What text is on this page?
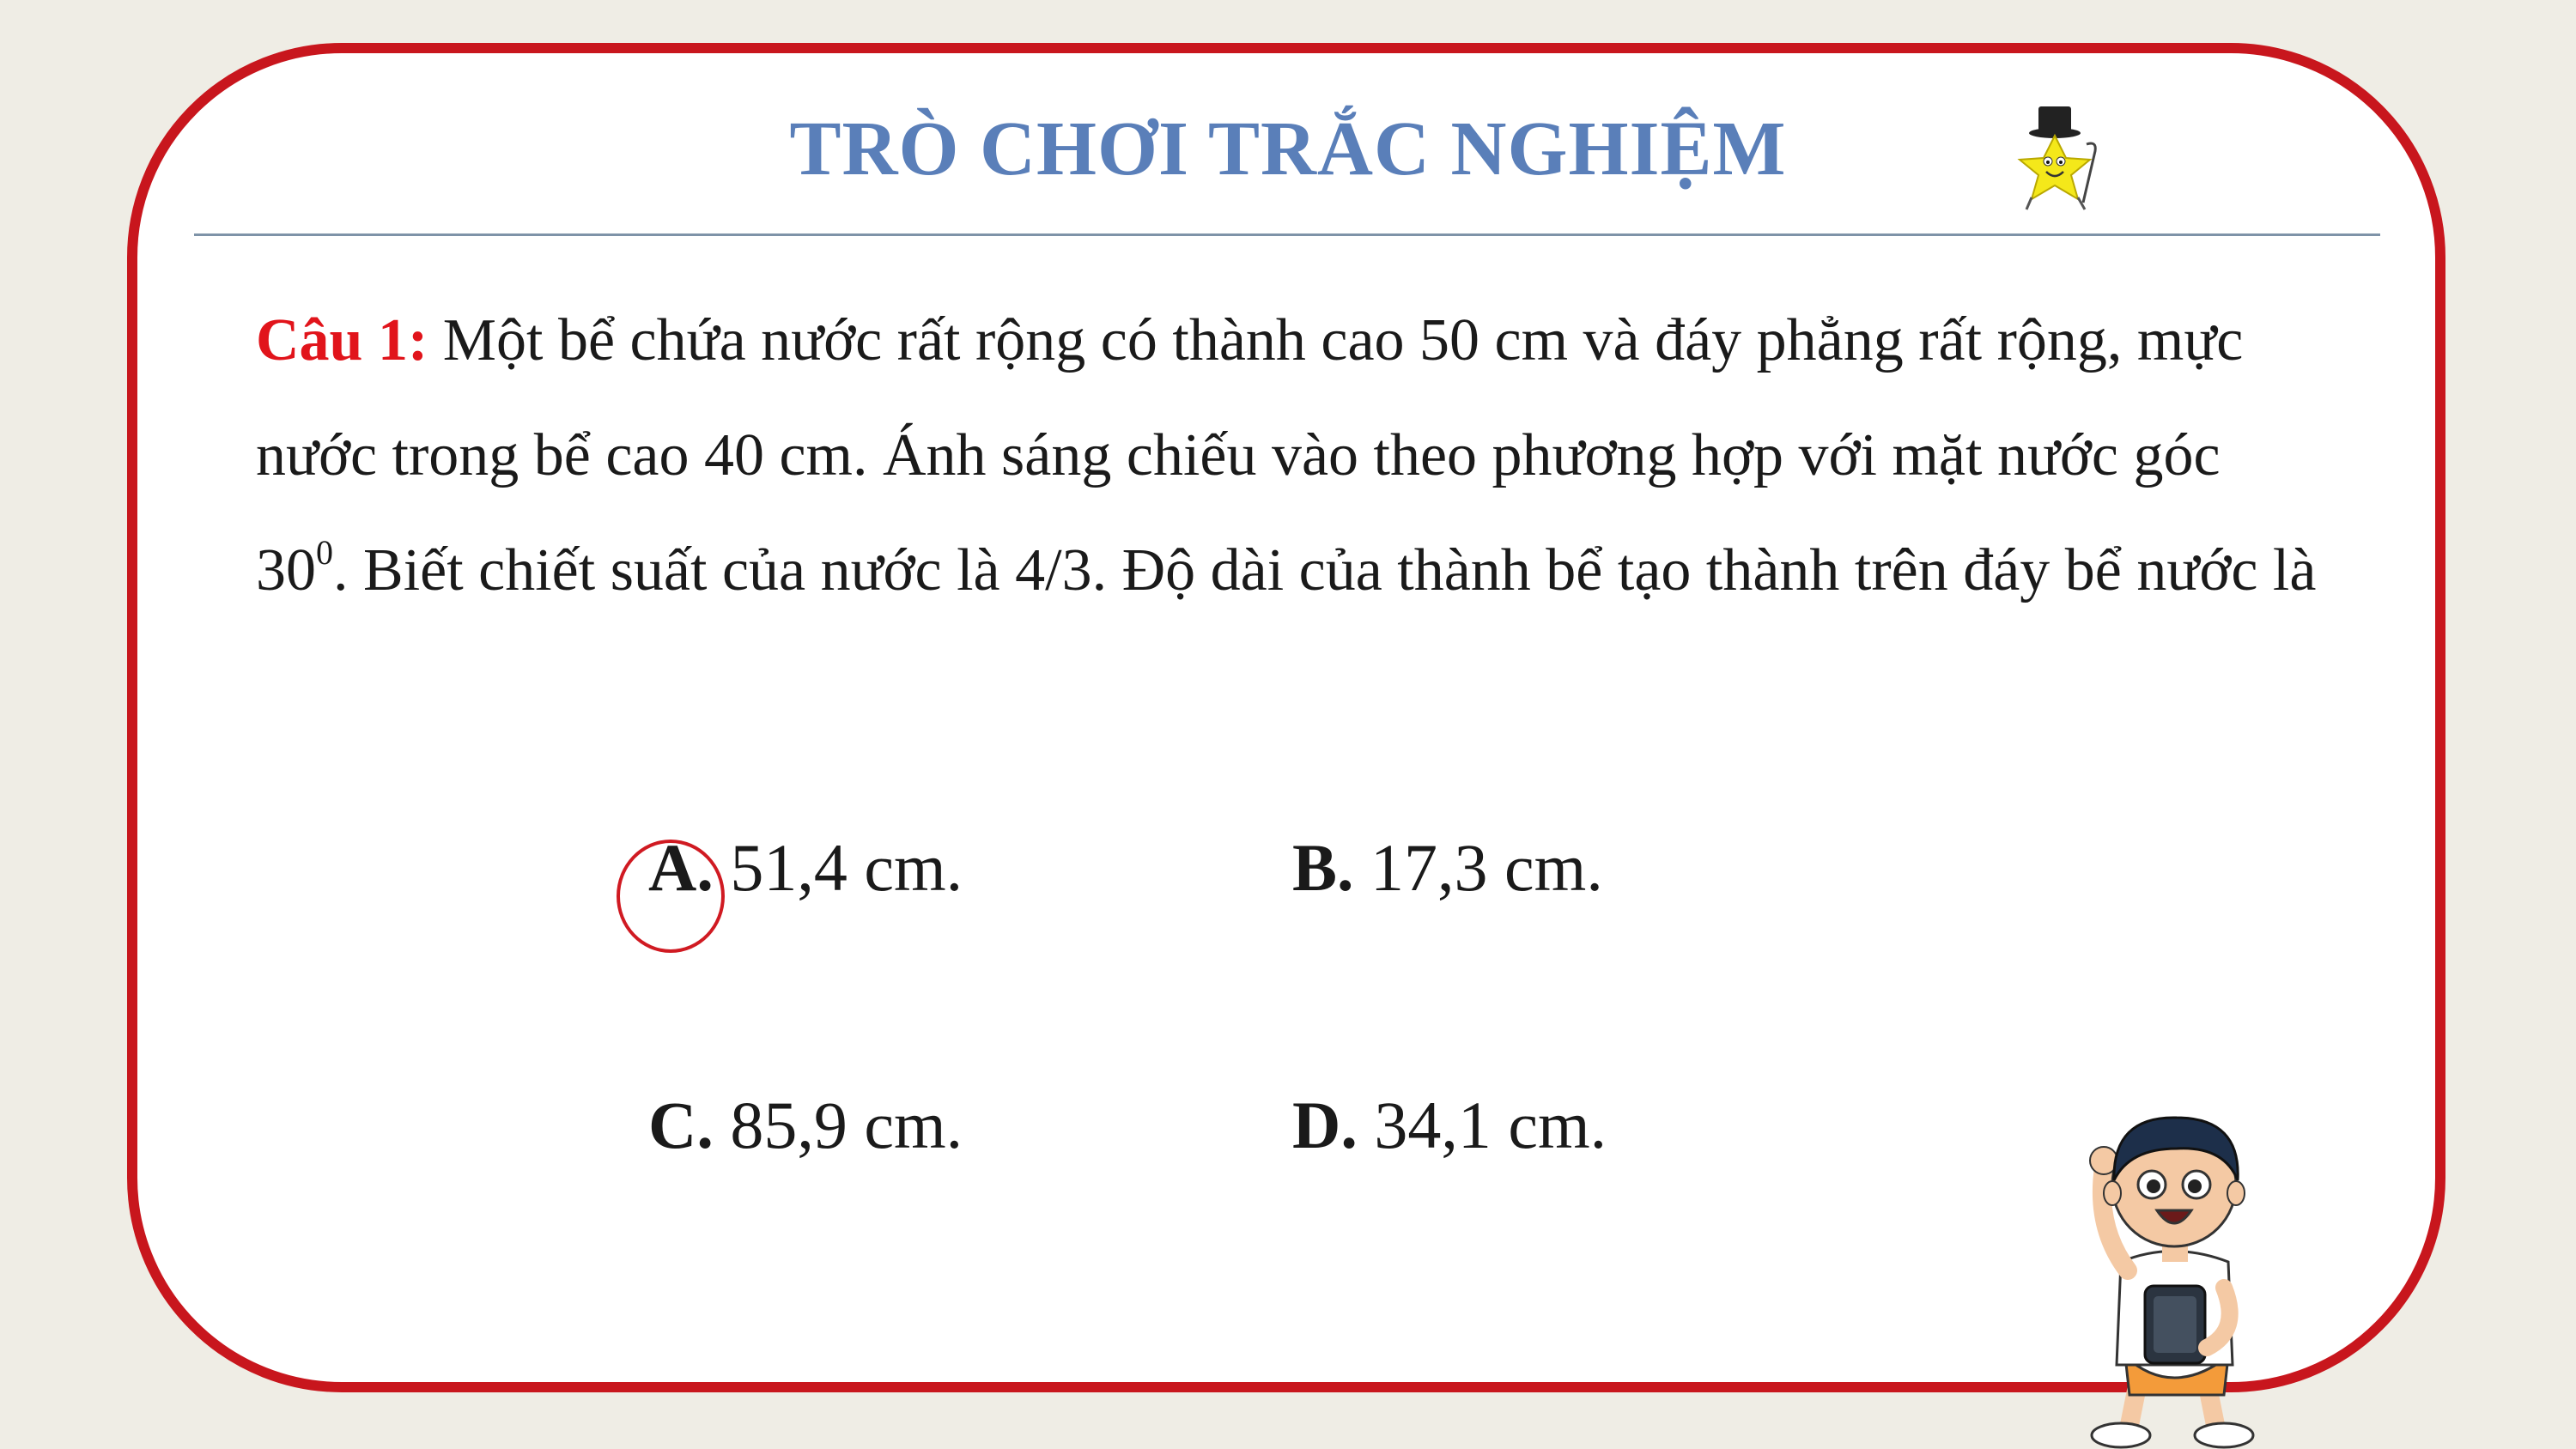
TRÒ CHƠI TRẮC NGHIỆM
Câu 1: Một bể chứa nước rất rộng có thành cao 50 cm và đáy phẳng rất rộng, mực nước trong bể cao 40 cm. Ánh sáng chiếu vào theo phương hợp với mặt nước góc $30^0$. Biết chiết suất của nước là 4/3. Độ dài của thành bể tạo thành trên đáy bể nước là
A. 51,4 cm.	B. 17,3 cm.
C. 85,9 cm.	D. 34,1 cm.
